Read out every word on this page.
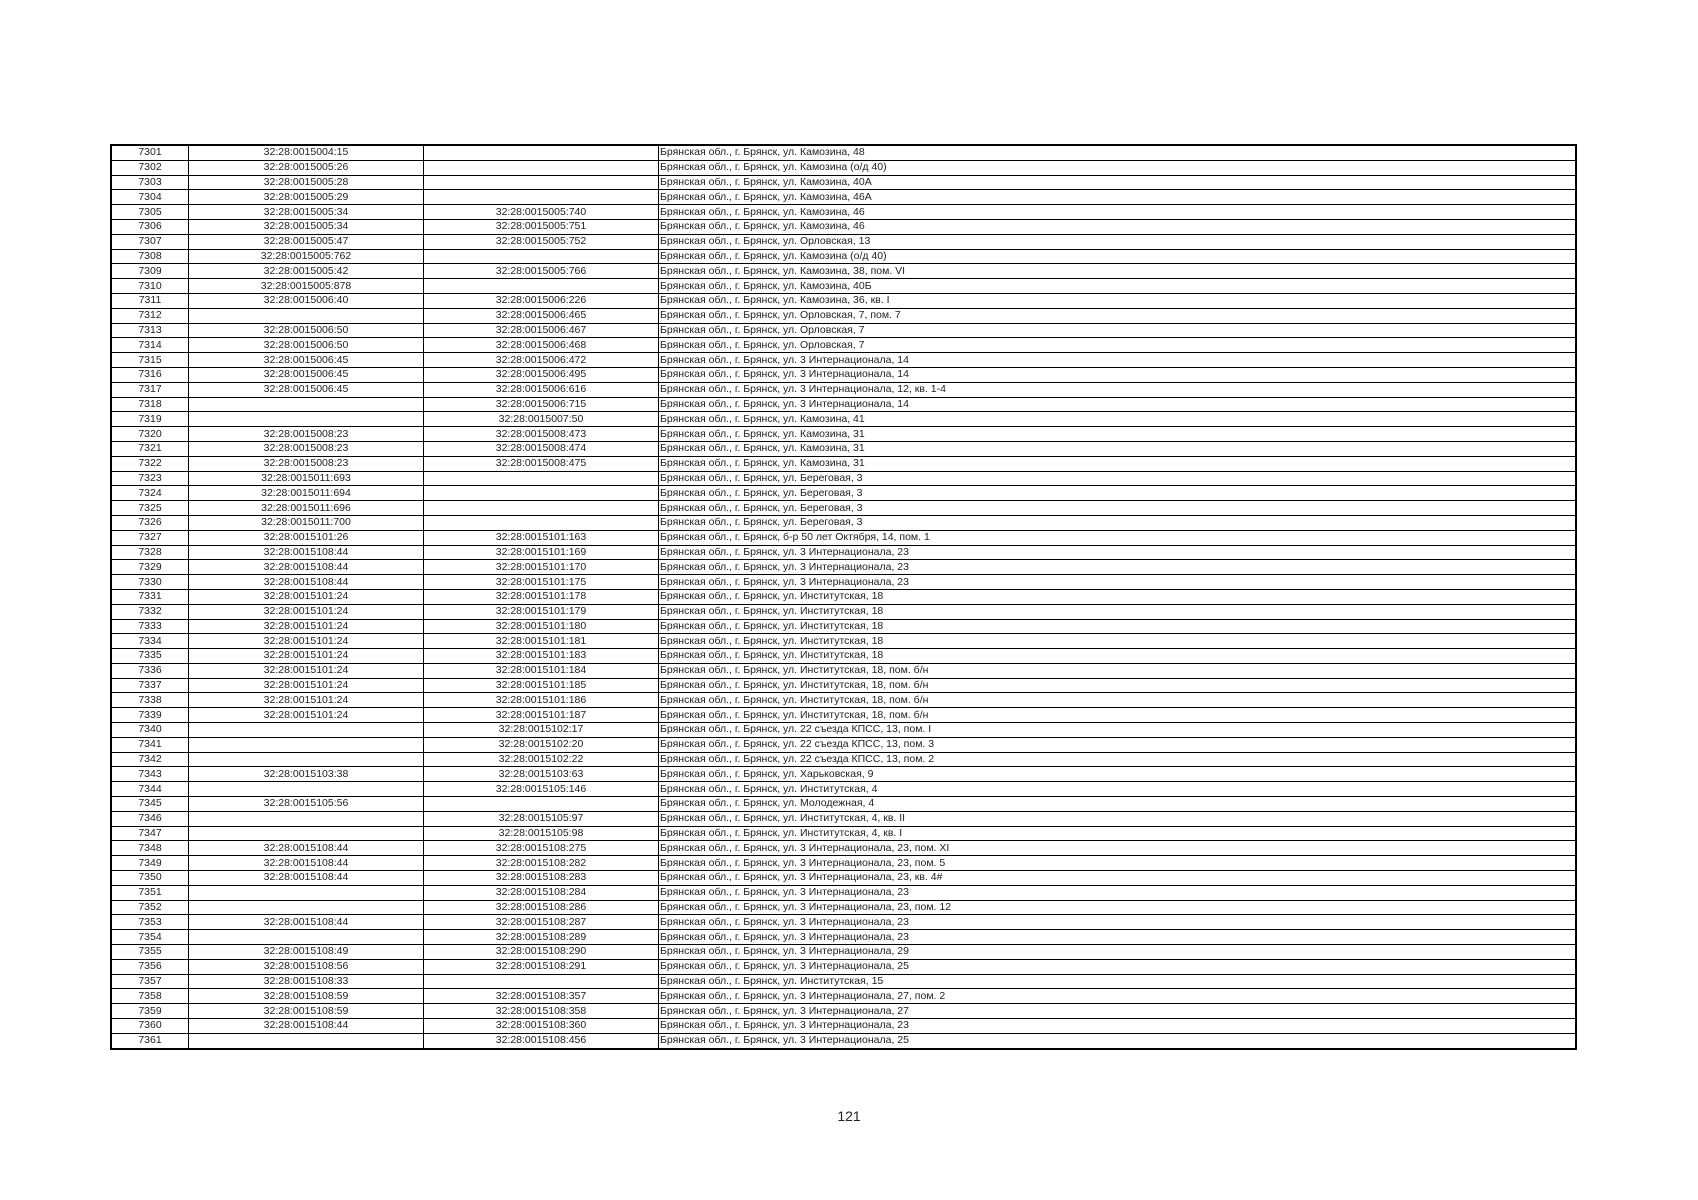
7301	32:28:0015004:15		Брянская обл., г. Брянск, ул. Камозина, 48
7302	32:28:0015005:26		Брянская обл., г. Брянск, ул. Камозина (о/д 40)
7303	32:28:0015005:28		Брянская обл., г. Брянск, ул. Камозина, 40А
7304	32:28:0015005:29		Брянская обл., г. Брянск, ул. Камозина, 46А
7305	32:28:0015005:34	32:28:0015005:740	Брянская обл., г. Брянск, ул. Камозина, 46
7306	32:28:0015005:34	32:28:0015005:751	Брянская обл., г. Брянск, ул. Камозина, 46
7307	32:28:0015005:47	32:28:0015005:752	Брянская обл., г. Брянск, ул. Орловская, 13
7308	32:28:0015005:762		Брянская обл., г. Брянск, ул. Камозина (о/д 40)
7309	32:28:0015005:42	32:28:0015005:766	Брянская обл., г. Брянск, ул. Камозина, 38, пом. VI
7310	32:28:0015005:878		Брянская обл., г. Брянск, ул. Камозина, 40Б
7311	32:28:0015006:40	32:28:0015006:226	Брянская обл., г. Брянск, ул. Камозина, 36, кв. I
7312		32:28:0015006:465	Брянская обл., г. Брянск, ул. Орловская, 7, пом. 7
7313	32:28:0015006:50	32:28:0015006:467	Брянская обл., г. Брянск, ул. Орловская, 7
7314	32:28:0015006:50	32:28:0015006:468	Брянская обл., г. Брянск, ул. Орловская, 7
7315	32:28:0015006:45	32:28:0015006:472	Брянская обл., г. Брянск, ул. 3 Интернационала, 14
7316	32:28:0015006:45	32:28:0015006:495	Брянская обл., г. Брянск, ул. 3 Интернационала, 14
7317	32:28:0015006:45	32:28:0015006:616	Брянская обл., г. Брянск, ул. 3 Интернационала, 12, кв. 1-4
7318		32:28:0015006:715	Брянская обл., г. Брянск, ул. 3 Интернационала, 14
7319		32:28:0015007:50	Брянская обл., г. Брянск, ул. Камозина, 41
7320	32:28:0015008:23	32:28:0015008:473	Брянская обл., г. Брянск, ул. Камозина, 31
7321	32:28:0015008:23	32:28:0015008:474	Брянская обл., г. Брянск, ул. Камозина, 31
7322	32:28:0015008:23	32:28:0015008:475	Брянская обл., г. Брянск, ул. Камозина, 31
7323	32:28:0015011:693		Брянская обл., г. Брянск, ул. Береговая, 3
7324	32:28:0015011:694		Брянская обл., г. Брянск, ул. Береговая, 3
7325	32:28:0015011:696		Брянская обл., г. Брянск, ул. Береговая, 3
7326	32:28:0015011:700		Брянская обл., г. Брянск, ул. Береговая, 3
7327	32:28:0015101:26	32:28:0015101:163	Брянская обл., г. Брянск, б-р 50 лет Октября, 14, пом. 1
7328	32:28:0015108:44	32:28:0015101:169	Брянская обл., г. Брянск, ул. 3 Интернационала, 23
7329	32:28:0015108:44	32:28:0015101:170	Брянская обл., г. Брянск, ул. 3 Интернационала, 23
7330	32:28:0015108:44	32:28:0015101:175	Брянская обл., г. Брянск, ул. 3 Интернационала, 23
7331	32:28:0015101:24	32:28:0015101:178	Брянская обл., г. Брянск, ул. Институтская, 18
7332	32:28:0015101:24	32:28:0015101:179	Брянская обл., г. Брянск, ул. Институтская, 18
7333	32:28:0015101:24	32:28:0015101:180	Брянская обл., г. Брянск, ул. Институтская, 18
7334	32:28:0015101:24	32:28:0015101:181	Брянская обл., г. Брянск, ул. Институтская, 18
7335	32:28:0015101:24	32:28:0015101:183	Брянская обл., г. Брянск, ул. Институтская, 18
7336	32:28:0015101:24	32:28:0015101:184	Брянская обл., г. Брянск, ул. Институтская, 18, пом. б/н
7337	32:28:0015101:24	32:28:0015101:185	Брянская обл., г. Брянск, ул. Институтская, 18, пом. б/н
7338	32:28:0015101:24	32:28:0015101:186	Брянская обл., г. Брянск, ул. Институтская, 18, пом. б/н
7339	32:28:0015101:24	32:28:0015101:187	Брянская обл., г. Брянск, ул. Институтская, 18, пом. б/н
7340		32:28:0015102:17	Брянская обл., г. Брянск, ул. 22 съезда КПСС, 13, пом. I
7341		32:28:0015102:20	Брянская обл., г. Брянск, ул. 22 съезда КПСС, 13, пом. 3
7342		32:28:0015102:22	Брянская обл., г. Брянск, ул. 22 съезда КПСС, 13, пом. 2
7343	32:28:0015103:38	32:28:0015103:63	Брянская обл., г. Брянск, ул. Харьковская, 9
7344		32:28:0015105:146	Брянская обл., г. Брянск, ул. Институтская, 4
7345	32:28:0015105:56		Брянская обл., г. Брянск, ул. Молодежная, 4
7346		32:28:0015105:97	Брянская обл., г. Брянск, ул. Институтская, 4, кв. II
7347		32:28:0015105:98	Брянская обл., г. Брянск, ул. Институтская, 4, кв. I
7348	32:28:0015108:44	32:28:0015108:275	Брянская обл., г. Брянск, ул. 3 Интернационала, 23, пом. XI
7349	32:28:0015108:44	32:28:0015108:282	Брянская обл., г. Брянск, ул. 3 Интернационала, 23, пом. 5
7350	32:28:0015108:44	32:28:0015108:283	Брянская обл., г. Брянск, ул. 3 Интернационала, 23, кв. 4#
7351		32:28:0015108:284	Брянская обл., г. Брянск, ул. 3 Интернационала, 23
7352		32:28:0015108:286	Брянская обл., г. Брянск, ул. 3 Интернационала, 23, пом. 12
7353	32:28:0015108:44	32:28:0015108:287	Брянская обл., г. Брянск, ул. 3 Интернационала, 23
7354		32:28:0015108:289	Брянская обл., г. Брянск, ул. 3 Интернационала, 23
7355	32:28:0015108:49	32:28:0015108:290	Брянская обл., г. Брянск, ул. 3 Интернационала, 29
7356	32:28:0015108:56	32:28:0015108:291	Брянская обл., г. Брянск, ул. 3 Интернационала, 25
7357	32:28:0015108:33		Брянская обл., г. Брянск, ул. Институтская, 15
7358	32:28:0015108:59	32:28:0015108:357	Брянская обл., г. Брянск, ул. 3 Интернационала, 27, пом. 2
7359	32:28:0015108:59	32:28:0015108:358	Брянская обл., г. Брянск, ул. 3 Интернационала, 27
7360	32:28:0015108:44	32:28:0015108:360	Брянская обл., г. Брянск, ул. 3 Интернационала, 23
7361		32:28:0015108:456	Брянская обл., г. Брянск, ул. 3 Интернационала, 25
121
